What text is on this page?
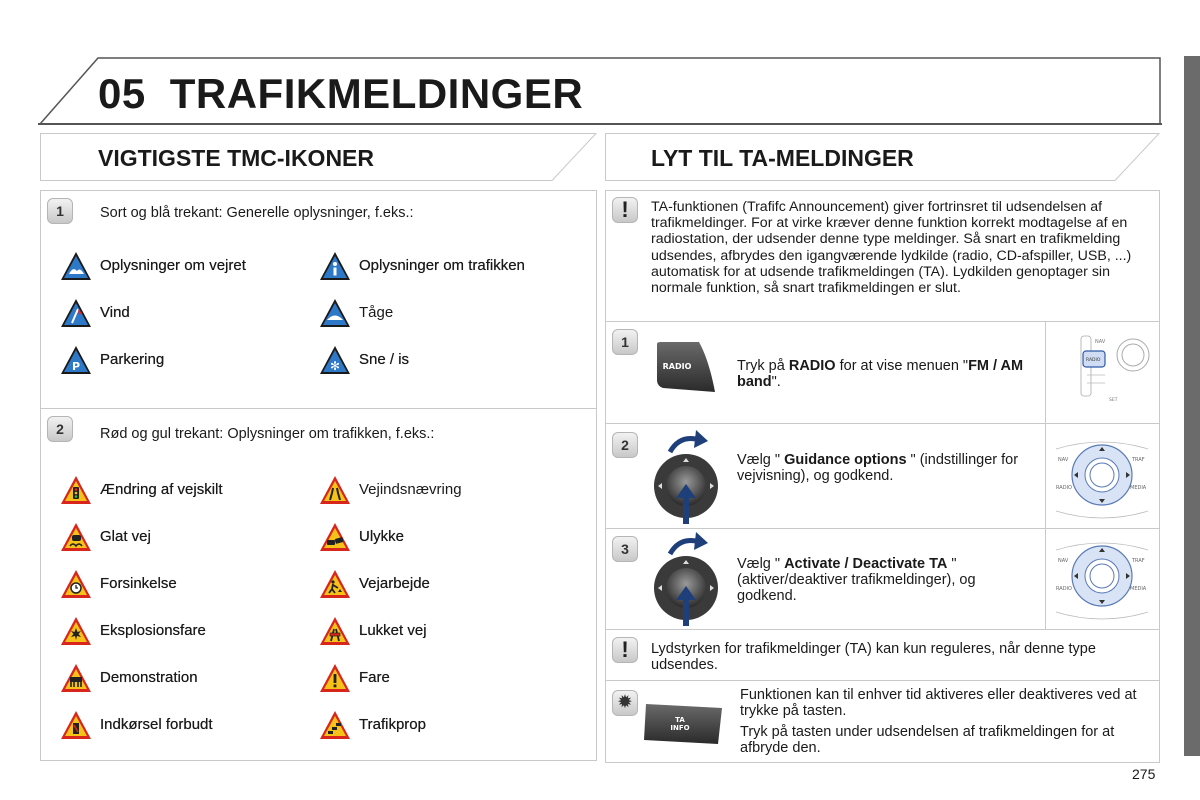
05 TRAFIKMELDINGER
VIGTIGSTE TMC-IKONER	LYT TIL TA-MELDINGER
1	Sort og blå trekant: Generelle oplysninger, f.eks.:
Oplysninger om vejret	Oplysninger om trafikken
Vind	Tåge
P Parkering	✻ Sne / is
2	Rød og gul trekant: Oplysninger om trafikken, f.eks.:
Ændring af vejskilt	Vejindsnævring
Glat vej	Ulykke
Forsinkelse	Vejarbejde
Eksplosionsfare	Lukket vej
Demonstration	Fare
Indkørsel forbudt	Trafikprop
!	TA-funktionen (Trafifc Announcement) giver fortrinsret til udsendelsen af trafikmeldinger. For at virke kræver denne funktion korrekt modtagelse af en radiostation, der udsender denne type meldinger. Så snart en trafikmelding udsendes, afbrydes den igangværende lydkilde (radio, CD-afspiller, USB, ...) automatisk for at udsende trafikmeldingen (TA). Lydkilden genoptager sin normale funktion, så snart trafikmeldingen er slut.
1
RADIO	Tryk på RADIO for at vise menuen "FM / AM band".
NAV
RADIO
SET
2
Vælg " Guidance options " (indstillinger for vejvisning), og godkend.
NAV	TRAF
RADIO	MEDIA
3
Vælg " Activate / Deactivate TA " (aktiver/deaktiver trafikmeldinger), og godkend.
NAV	TRAF
RADIO	MEDIA
!	Lydstyrken for trafikmeldinger (TA) kan kun reguleres, når denne type udsendes.
✹
TA
INFO
Funktionen kan til enhver tid aktiveres eller deaktiveres ved at trykke på tasten.
Tryk på tasten under udsendelsen af trafikmeldingen for at afbryde den.
275
